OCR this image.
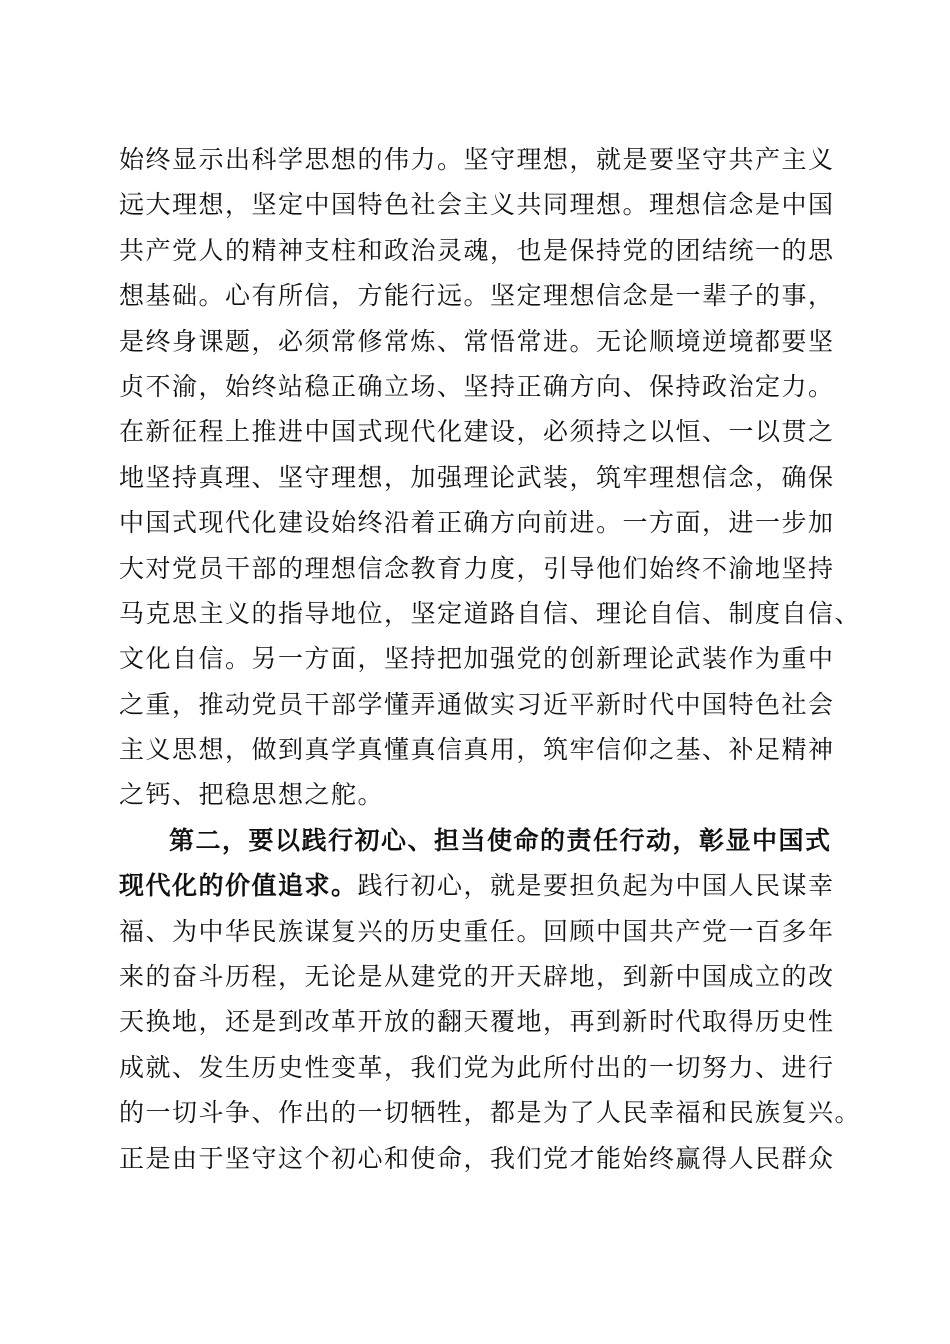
始终显示出科学思想的伟力。坚守理想，就是要坚守共产主义
远大理想，坚定中国特色社会主义共同理想。理想信念是中国
共产党人的精神支柱和政治灵魂，也是保持党的团结统一的思
想基础。心有所信，方能行远。坚定理想信念是一辈子的事，
是终身课题，必须常修常炼、常悟常进。无论顺境逆境都要坚
贞不渝，始终站稳正确立场、坚持正确方向、保持政治定力。
在新征程上推进中国式现代化建设，必须持之以恒、一以贯之
地坚持真理、坚守理想，加强理论武装，筑牢理想信念，确保
中国式现代化建设始终沿着正确方向前进。一方面，进一步加
大对党员干部的理想信念教育力度，引导他们始终不渝地坚持
马克思主义的指导地位，坚定道路自信、理论自信、制度自信、
文化自信。另一方面，坚持把加强党的创新理论武装作为重中
之重，推动党员干部学懂弄通做实习近平新时代中国特色社会
主义思想，做到真学真懂真信真用，筑牢信仰之基、补足精神
之钙、把稳思想之舵。
第二，要以践行初心、担当使命的责任行动，彰显中国式
现代化的价值追求。践行初心，就是要担负起为中国人民谋幸
福、为中华民族谋复兴的历史重任。回顾中国共产党一百多年
来的奋斗历程，无论是从建党的开天辟地，到新中国成立的改
天换地，还是到改革开放的翻天覆地，再到新时代取得历史性
成就、发生历史性变革，我们党为此所付出的一切努力、进行
的一切斗争、作出的一切牺牲，都是为了人民幸福和民族复兴。
正是由于坚守这个初心和使命，我们党才能始终赢得人民群众
